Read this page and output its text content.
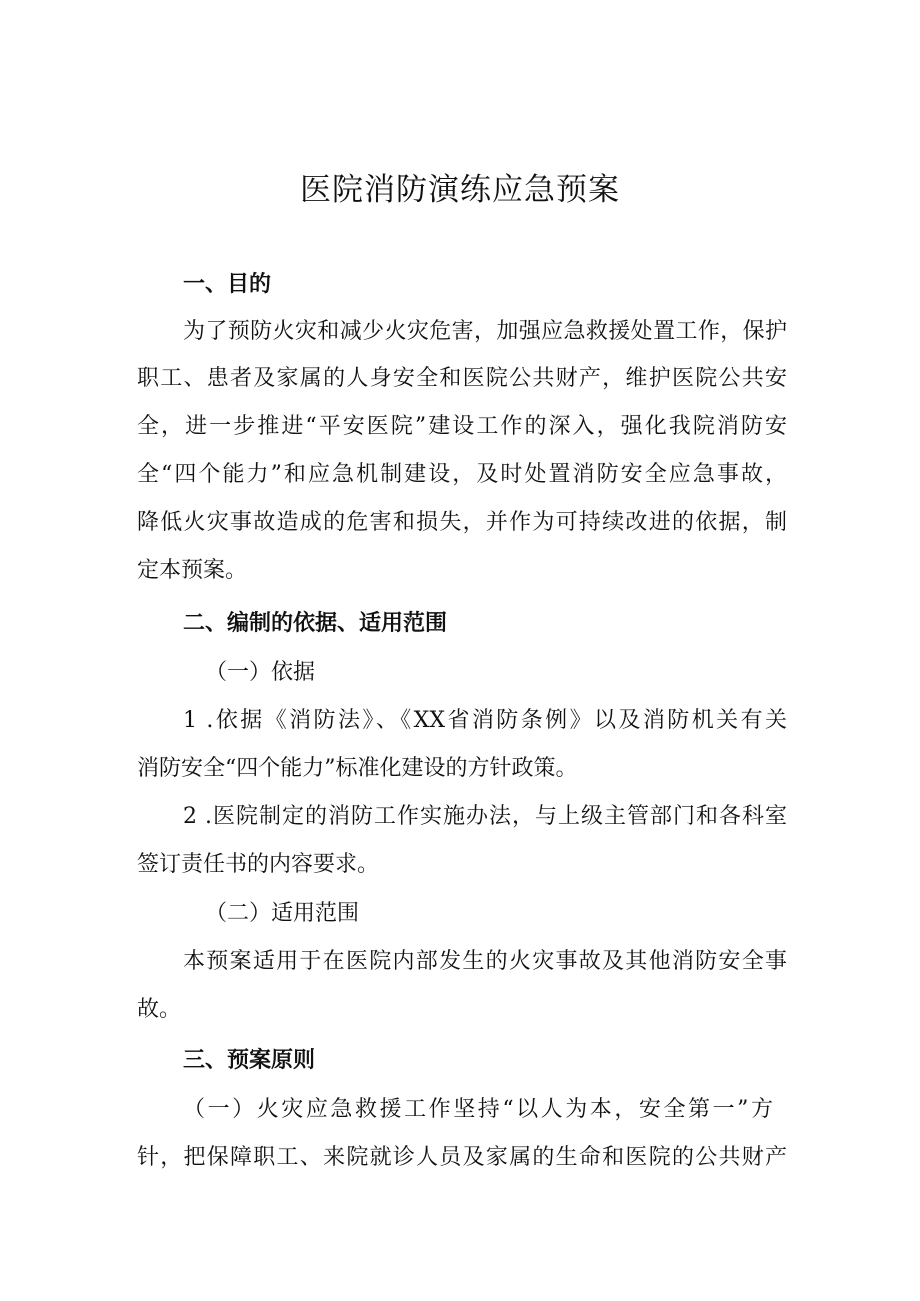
医院消防演练应急预案
一、目的
为了预防火灾和减少火灾危害，加强应急救援处置工作，保护
职工、患者及家属的人身安全和医院公共财产，维护医院公共安
全，进一步推进“平安医院”建设工作的深入，强化我院消防安
全“四个能力”和应急机制建设，及时处置消防安全应急事故，
降低火灾事故造成的危害和损失，并作为可持续改进的依据，制
定本预案。
二、编制的依据、适用范围
（一）依据
1 .依据《消防法》、《XX省消防条例》以及消防机关有关
消防安全“四个能力”标准化建设的方针政策。
2 .医院制定的消防工作实施办法，与上级主管部门和各科室
签订责任书的内容要求。
（二）适用范围
本预案适用于在医院内部发生的火灾事故及其他消防安全事
故。
三、预案原则
（一）火灾应急救援工作坚持“以人为本，安全第一”方
针，把保障职工、来院就诊人员及家属的生命和医院的公共财产
